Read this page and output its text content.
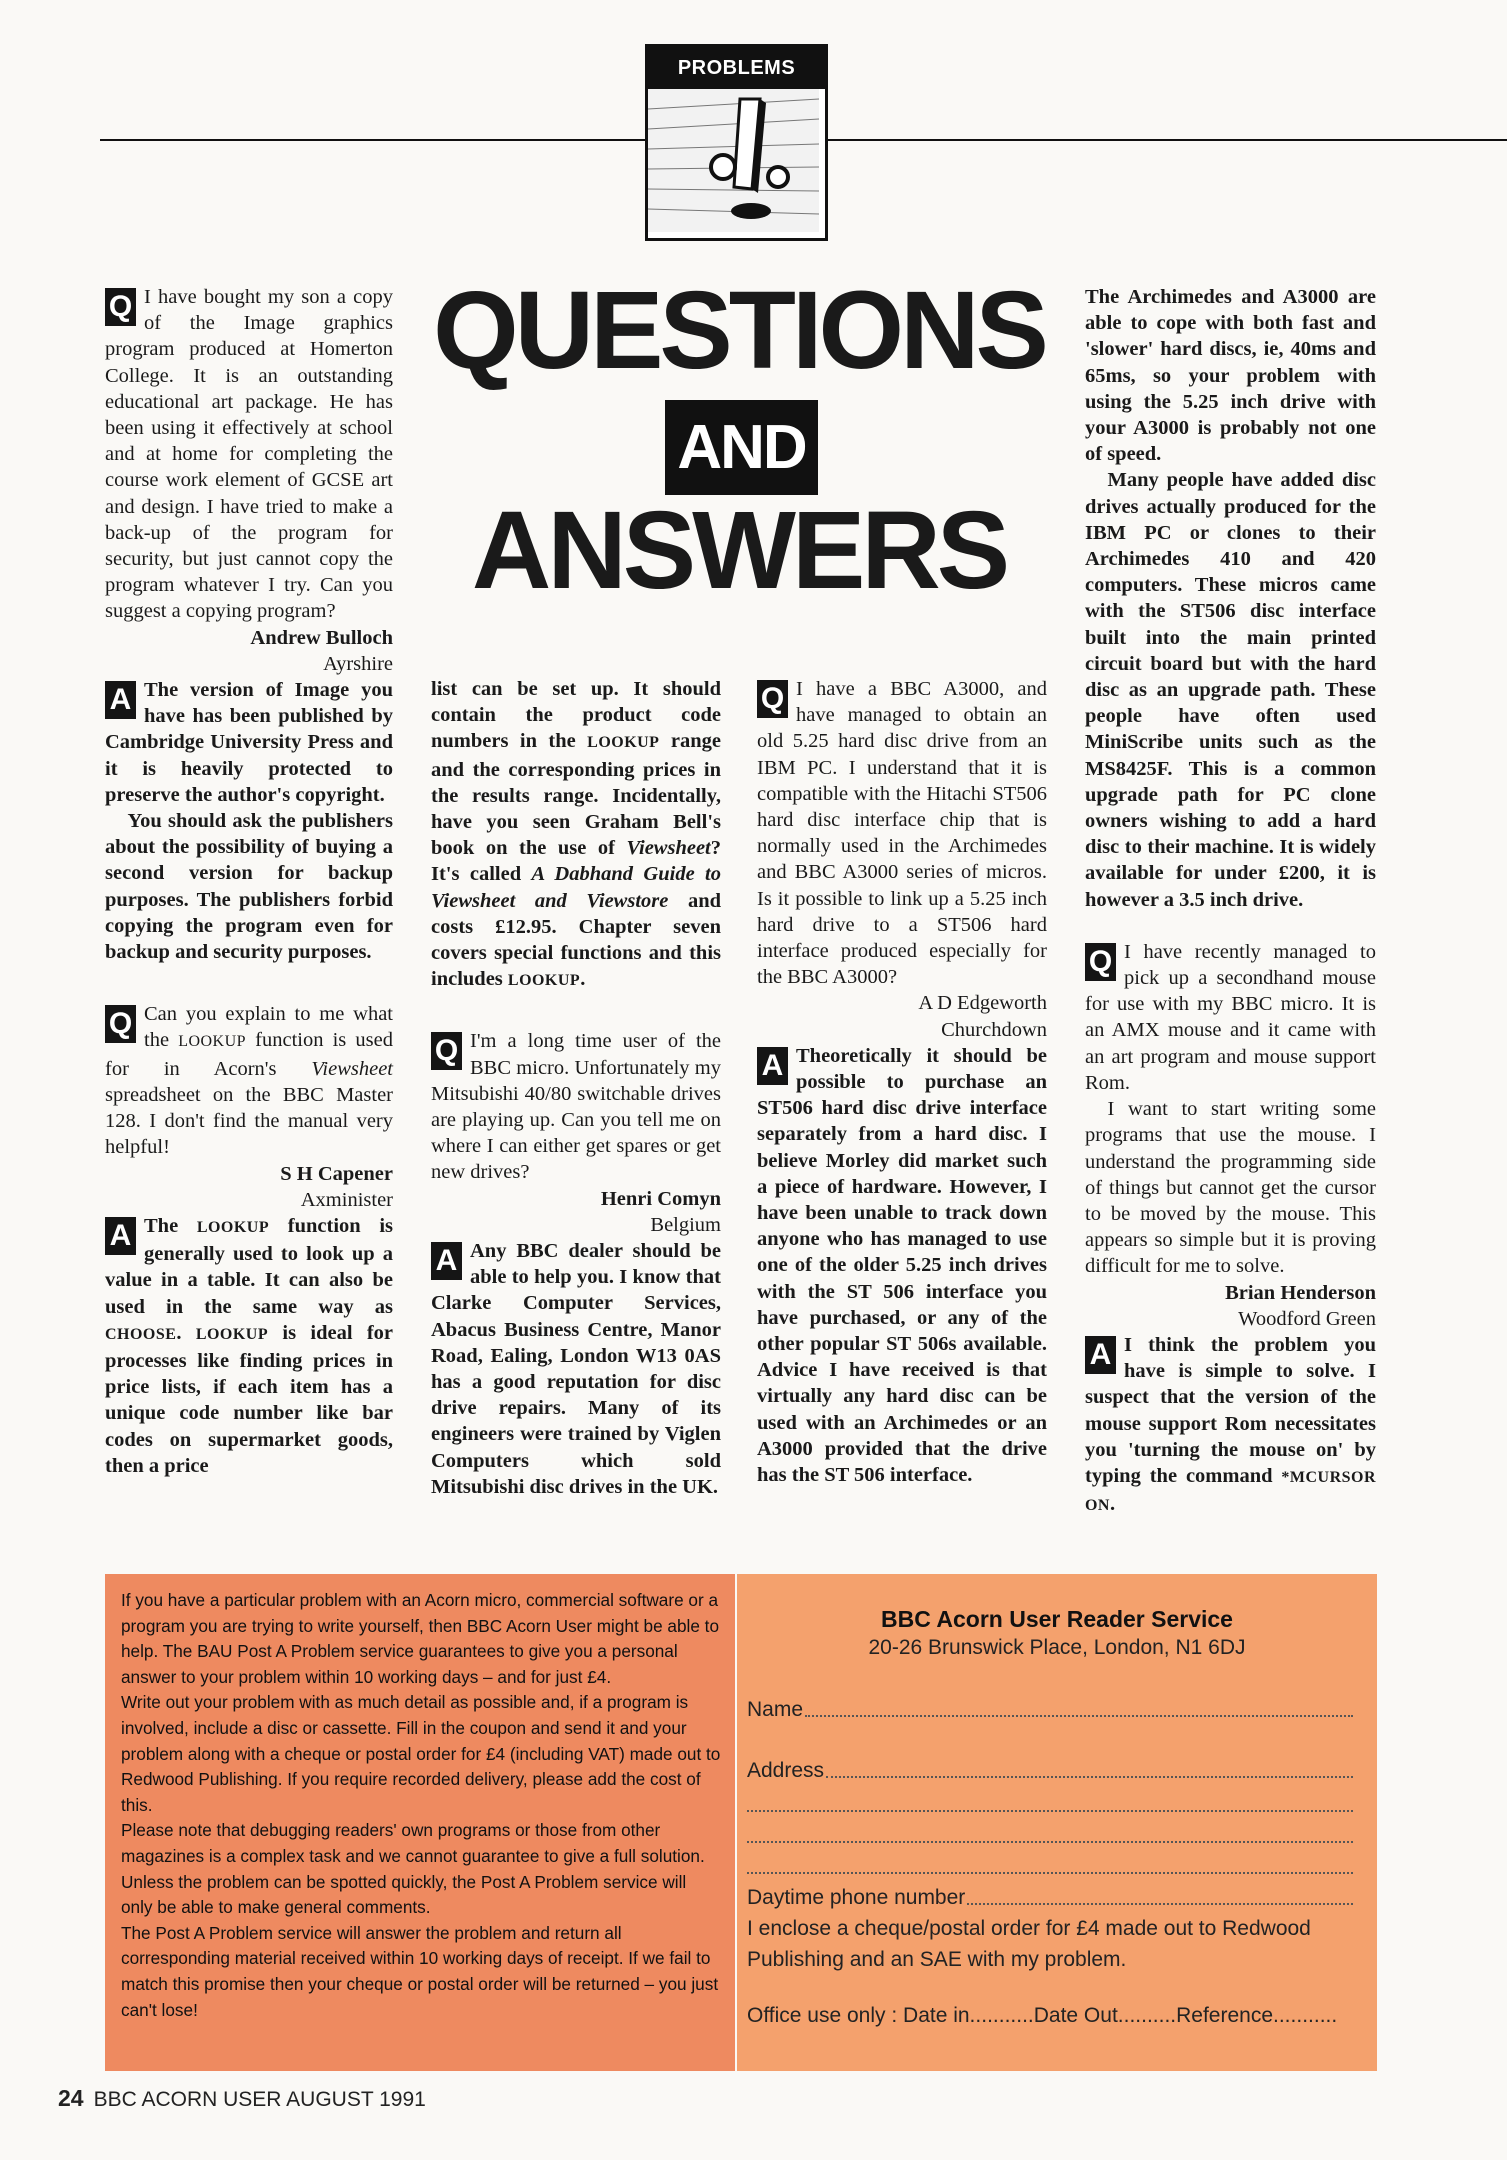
PROBLEMS
QUESTIONS
AND
ANSWERS

Q I have bought my son a copy of the Image graphics program produced at Homerton College. It is an outstanding educational art package. He has been using it effectively at school and at home for completing the course work element of GCSE art and design. I have tried to make a back-up of the program for security, but just cannot copy the program whatever I try. Can you suggest a copying program?

Andrew Bulloch

Ayrshire

A The version of Image you have has been published by Cambridge University Press and it is heavily protected to preserve the author's copyright.

You should ask the publishers about the possibility of buying a second version for backup purposes. The publishers forbid copying the program even for backup and security purposes.

Q Can you explain to me what the LOOKUP function is used for in Acorn's Viewsheet spreadsheet on the BBC Master 128. I don't find the manual very helpful!

S H Capener

Axminister

A The LOOKUP function is generally used to look up a value in a table. It can also be used in the same way as CHOOSE. LOOKUP is ideal for processes like finding prices in price lists, if each item has a unique code number like bar codes on supermarket goods, then a price

list can be set up. It should contain the product code numbers in the LOOKUP range and the corresponding prices in the results range. Incidentally, have you seen Graham Bell's book on the use of Viewsheet? It's called A Dabhand Guide to Viewsheet and Viewstore and costs £12.95. Chapter seven covers special functions and this includes LOOKUP.

Q I'm a long time user of the BBC micro. Unfortunately my Mitsubishi 40/80 switchable drives are playing up. Can you tell me on where I can either get spares or get new drives?

Henri Comyn

Belgium

A Any BBC dealer should be able to help you. I know that Clarke Computer Services, Abacus Business Centre, Manor Road, Ealing, London W13 0AS has a good reputation for disc drive repairs. Many of its engineers were trained by Viglen Computers which sold Mitsubishi disc drives in the UK.

Q I have a BBC A3000, and have managed to obtain an old 5.25 hard disc drive from an IBM PC. I understand that it is compatible with the Hitachi ST506 hard disc interface chip that is normally used in the Archimedes and BBC A3000 series of micros. Is it possible to link up a 5.25 inch hard drive to a ST506 hard interface produced especially for the BBC A3000?

A D Edgeworth

Churchdown

A Theoretically it should be possible to purchase an ST506 hard disc drive interface separately from a hard disc. I believe Morley did market such a piece of hardware. However, I have been unable to track down anyone who has managed to use one of the older 5.25 inch drives with the ST 506 interface you have purchased, or any of the other popular ST 506s available. Advice I have received is that virtually any hard disc can be used with an Archimedes or an A3000 provided that the drive has the ST 506 interface.

The Archimedes and A3000 are able to cope with both fast and 'slower' hard discs, ie, 40ms and 65ms, so your problem with using the 5.25 inch drive with your A3000 is probably not one of speed.

Many people have added disc drives actually produced for the IBM PC or clones to their Archimedes 410 and 420 computers. These micros came with the ST506 disc interface built into the main printed circuit board but with the hard disc as an upgrade path. These people have often used MiniScribe units such as the MS8425F. This is a common upgrade path for PC clone owners wishing to add a hard disc to their machine. It is widely available for under £200, it is however a 3.5 inch drive.

Q I have recently managed to pick up a secondhand mouse for use with my BBC micro. It is an AMX mouse and it came with an art program and mouse support Rom.

I want to start writing some programs that use the mouse. I understand the programming side of things but cannot get the cursor to be moved by the mouse. This appears so simple but it is proving difficult for me to solve.

Brian Henderson

Woodford Green

A I think the problem you have is simple to solve. I suspect that the version of the mouse support Rom necessitates you 'turning the mouse on' by typing the command *MCURSOR ON.

If you have a particular problem with an Acorn micro, commercial software or a program you are trying to write yourself, then BBC Acorn User might be able to help. The BAU Post A Problem service guarantees to give you a personal answer to your problem within 10 working days – and for just £4.

Write out your problem with as much detail as possible and, if a program is involved, include a disc or cassette. Fill in the coupon and send it and your problem along with a cheque or postal order for £4 (including VAT) made out to Redwood Publishing. If you require recorded delivery, please add the cost of this.

Please note that debugging readers' own programs or those from other magazines is a complex task and we cannot guarantee to give a full solution. Unless the problem can be spotted quickly, the Post A Problem service will only be able to make general comments.

The Post A Problem service will answer the problem and return all corresponding material received within 10 working days of receipt. If we fail to match this promise then your cheque or postal order will be returned – you just can't lose!

BBC Acorn User Reader Service
20-26 Brunswick Place, London, N1 6DJ
Name
Address
Daytime phone number
I enclose a cheque/postal order for £4 made out to Redwood Publishing and an SAE with my problem.
Office use only : Date in...........Date Out..........Reference...........
24 BBC ACORN USER AUGUST 1991
